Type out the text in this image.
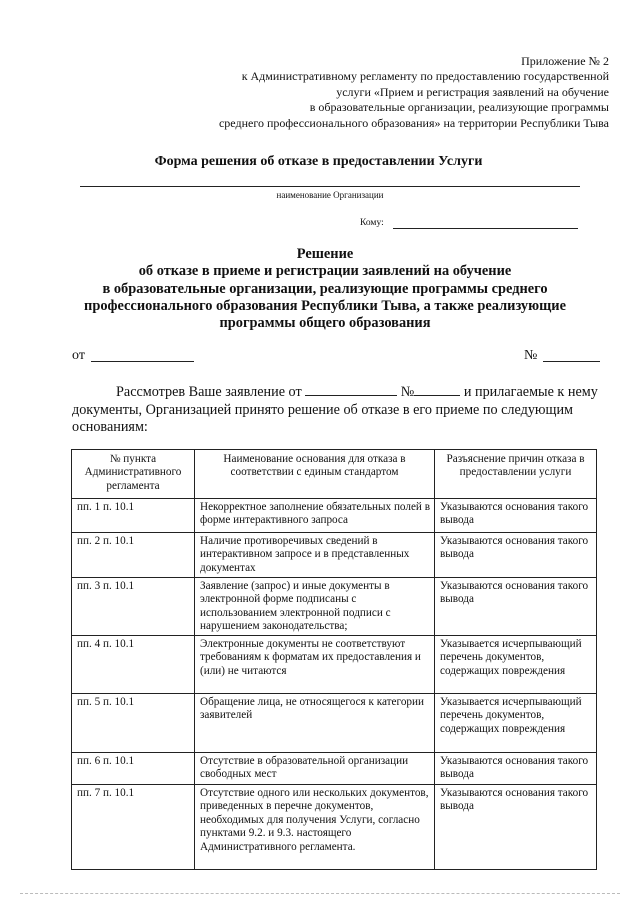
Приложение № 2
к Административному регламенту по предоставлению государственной
услуги «Прием и регистрация заявлений на обучение
в образовательные организации, реализующие программы
среднего профессионального образования» на территории Республики Тыва
Форма решения об отказе в предоставлении Услуги
наименование Организации
Кому:
Решение
об отказе в приеме и регистрации заявлений на обучение
в образовательные организации, реализующие программы среднего
профессионального образования Республики Тыва, а также реализующие
программы общего образования
от	№
Рассмотрев Ваше заявление от	№	и прилагаемые к нему
документы, Организацией принято решение об отказе в его приеме по следующим
основаниям:
№ пункта Административного регламента	Наименование основания для отказа в соответствии с единым стандартом	Разъяснение причин отказа в предоставлении услуги
пп. 1 п. 10.1	Некорректное заполнение обязательных полей в форме интерактивного запроса	Указываются основания такого вывода
пп. 2 п. 10.1	Наличие противоречивых сведений в интерактивном запросе и в представленных документах	Указываются основания такого вывода
пп. 3 п. 10.1	Заявление (запрос) и иные документы в электронной форме подписаны с использованием электронной подписи с нарушением законодательства;	Указываются основания такого вывода
пп. 4 п. 10.1	Электронные документы не соответствуют требованиям к форматам их предоставления и (или) не читаются	Указывается исчерпывающий перечень документов, содержащих повреждения
пп. 5 п. 10.1	Обращение лица, не относящегося к категории заявителей	Указывается исчерпывающий перечень документов, содержащих повреждения
пп. 6 п. 10.1	Отсутствие в образовательной организации свободных мест	Указываются основания такого вывода
пп. 7 п. 10.1	Отсутствие одного или нескольких документов, приведенных в перечне документов, необходимых для получения Услуги, согласно пунктами 9.2. и 9.3. настоящего Административного регламента.	Указываются основания такого вывода
